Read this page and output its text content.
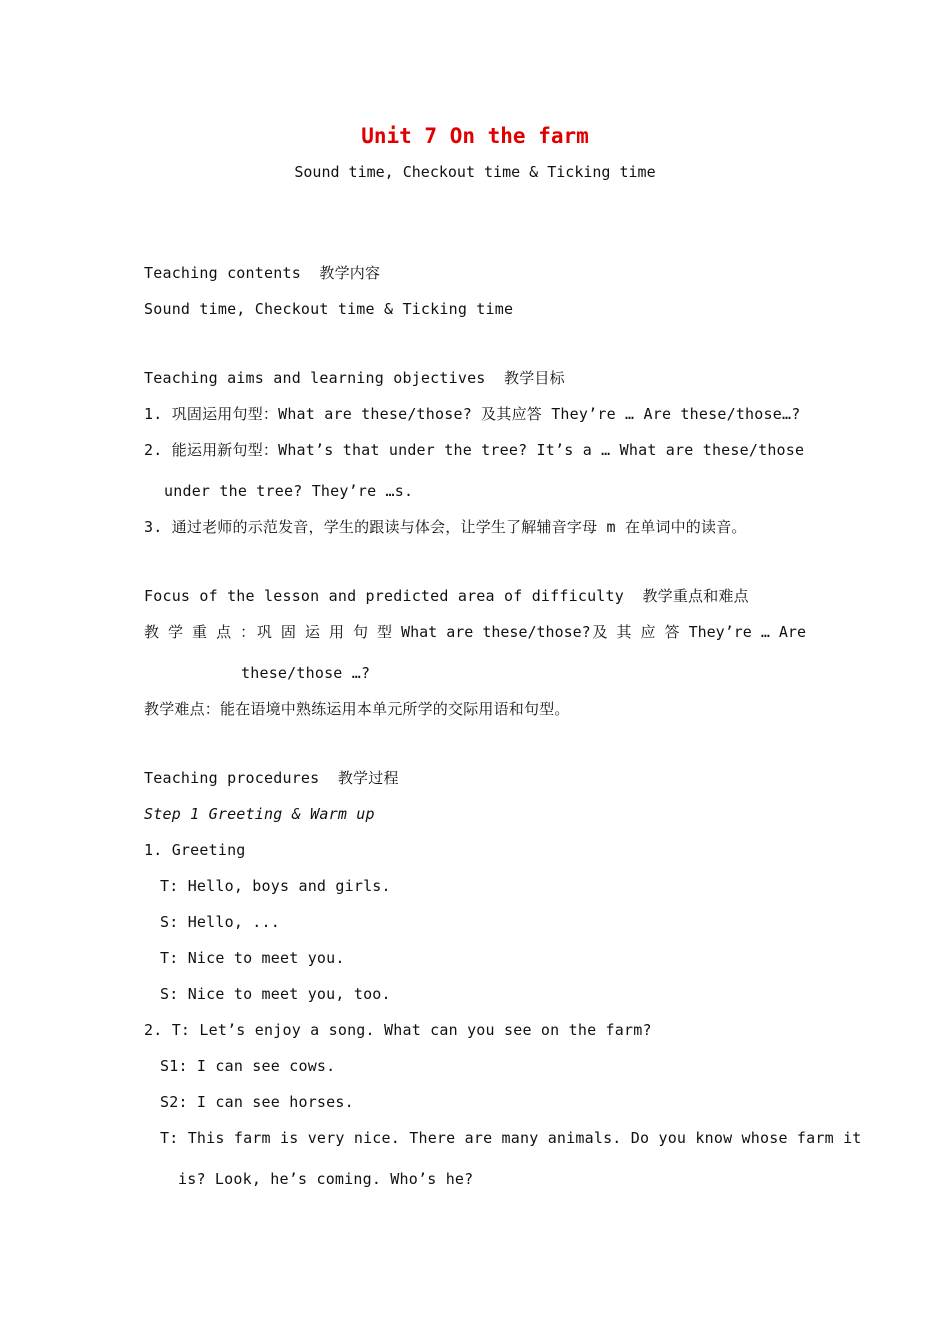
Unit 7 On the farm
Sound time, Checkout time & Ticking time
Teaching contents  教学内容
Sound time, Checkout time & Ticking time
Teaching aims and learning objectives  教学目标
1. 巩固运用句型：What are these/those? 及其应答 They’re … Are these/those…?
2. 能运用新句型：What’s that under the tree? It’s a … What are these/those
under the tree? They’re …s.
3. 通过老师的示范发音，学生的跟读与体会，让学生了解辅音字母 m 在单词中的读音。
Focus of the lesson and predicted area of difficulty  教学重点和难点
教 学 重 点 ： 巩 固 运 用 句 型 What are these/those? 及 其 应 答 They’re … Are
these/those …?
教学难点：能在语境中熟练运用本单元所学的交际用语和句型。
Teaching procedures  教学过程
Step 1 Greeting & Warm up
1. Greeting
T: Hello, boys and girls.
S: Hello, ...
T: Nice to meet you.
S: Nice to meet you, too.
2. T: Let’s enjoy a song. What can you see on the farm?
S1: I can see cows.
S2: I can see horses.
T: This farm is very nice. There are many animals. Do you know whose farm it
is? Look, he’s coming. Who’s he?
